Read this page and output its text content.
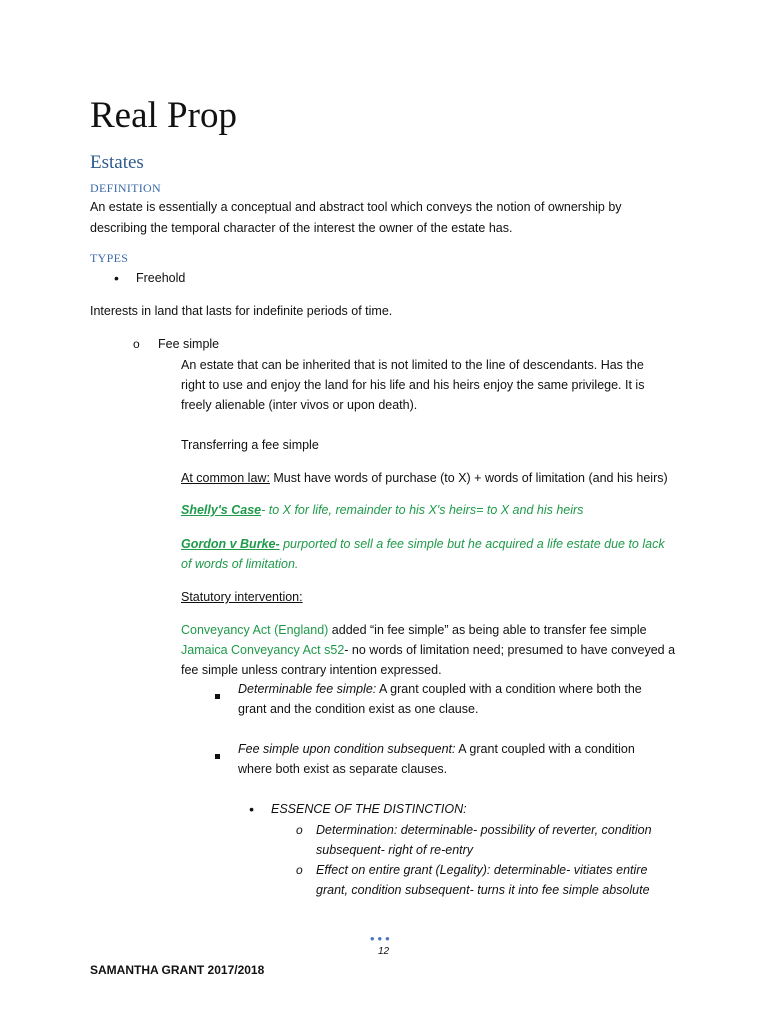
Real Prop
Estates
DEFINITION
An estate is essentially a conceptual and abstract tool which conveys the notion of ownership by
describing the temporal character of the interest the owner of the estate has.
TYPES
• Freehold
Interests in land that lasts for indefinite periods of time.
o Fee simple
An estate that can be inherited that is not limited to the line of descendants. Has the
right to use and enjoy the land for his life and his heirs enjoy the same privilege. It is
freely alienable (inter vivos or upon death).
Transferring a fee simple
At common law: Must have words of purchase (to X) + words of limitation (and his heirs)
Shelly's Case- to X for life, remainder to his X's heirs= to X and his heirs
Gordon v Burke- purported to sell a fee simple but he acquired a life estate due to lack
of words of limitation.
Statutory intervention:
Conveyancy Act (England) added “in fee simple” as being able to transfer fee simple
Jamaica Conveyancy Act s52- no words of limitation need; presumed to have conveyed a
fee simple unless contrary intention expressed.
Determinable fee simple: A grant coupled with a condition where both the
grant and the condition exist as one clause.
Fee simple upon condition subsequent: A grant coupled with a condition
where both exist as separate clauses.
• ESSENCE OF THE DISTINCTION:
o Determination: determinable- possibility of reverter, condition
subsequent- right of re-entry
o Effect on entire grant (Legality): determinable- vitiates entire
grant, condition subsequent- turns it into fee simple absolute
•••
12
SAMANTHA GRANT 2017/2018
